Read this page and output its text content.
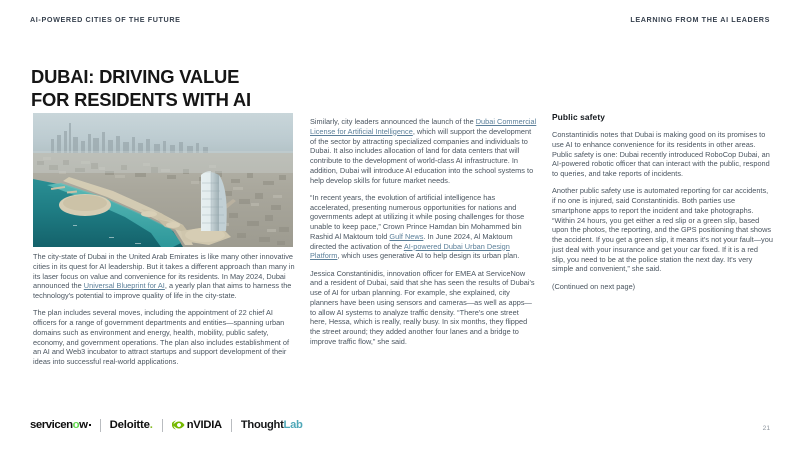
AI-POWERED CITIES OF THE FUTURE	LEARNING FROM THE AI LEADERS
DUBAI: DRIVING VALUE
FOR RESIDENTS WITH AI

The city-state of Dubai in the United Arab Emirates is like many other innovative cities in its quest for AI leadership. But it takes a different approach than many in its laser focus on value and convenience for its residents. In May 2024, Dubai announced the Universal Blueprint for AI, a yearly plan that aims to harness the technology's potential to improve quality of life in the city-state.

The plan includes several moves, including the appointment of 22 chief AI officers for a range of government departments and entities—spanning urban domains such as environment and energy, health, mobility, public safety, economy, and government operations. The plan also includes establishment of an AI and Web3 incubator to attract startups and support development of their ideas into successful real-world applications.

Similarly, city leaders announced the launch of the Dubai Commercial License for Artificial Intelligence, which will support the development of the sector by attracting specialized companies and individuals to Dubai. It also includes allocation of land for data centers that will contribute to the development of world-class AI infrastructure. In addition, Dubai will introduce AI education into the school systems to help develop skills for future market needs.

“In recent years, the evolution of artificial intelligence has accelerated, presenting numerous opportunities for nations and governments adept at utilizing it while posing challenges for those unable to keep pace,” Crown Prince Hamdan bin Mohammed bin Rashid Al Maktoum told Gulf News. In June 2024, Al Maktoum directed the activation of the AI-powered Dubai Urban Design Platform, which uses generative AI to help design its urban plan.

Jessica Constantinidis, innovation officer for EMEA at ServiceNow and a resident of Dubai, said that she has seen the results of Dubai's use of AI for urban planning. For example, she explained, city planners have been using sensors and cameras—as well as apps—to allow AI systems to analyze traffic density. “There's one street here, Hessa, which is really, really busy. In six months, they flipped the street around; they added another four lanes and a bridge to improve traffic flow,” she said.

Public safety

Constantinidis notes that Dubai is making good on its promises to use AI to enhance convenience for its residents in other areas. Public safety is one: Dubai recently introduced RoboCop Dubai, an AI-powered robotic officer that can interact with the public, respond to queries, and take reports of incidents.

Another public safety use is automated reporting for car accidents, if no one is injured, said Constantinidis. Both parties use smartphone apps to report the incident and take photographs. “Within 24 hours, you get either a red slip or a green slip, based upon the photos, the reporting, and the GPS positioning that shows the accident. If you get a green slip, it means it's not your fault—you just deal with your insurance and get your car fixed. If it is a red slip, you need to be at the police station the next day. It's very simple and convenient,” she said.

(Continued on next page)

servicen o w Deloitte .	nVIDIA Thought Lab	21
